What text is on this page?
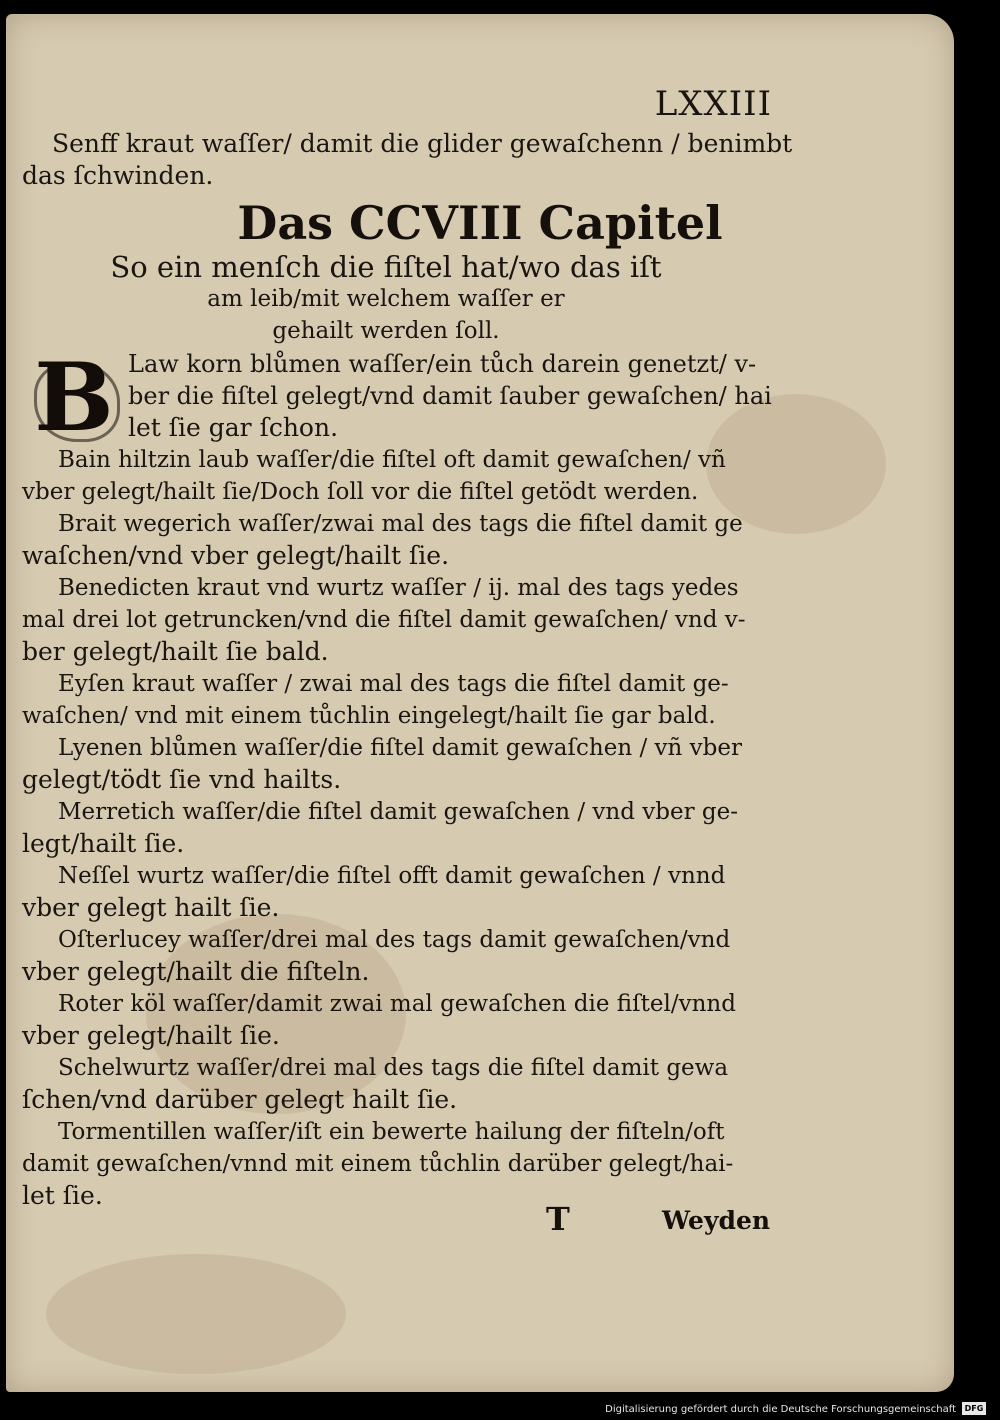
LXXIII

Senff kraut waſſer/ damit die glider gewaſchenn / benimbt

das ſchwinden.

Das CCVIII Capitel
So ein menſch die fiſtel hat/wo das iſt
am leib/mit welchem waſſer er
gehailt werden ſoll.
B Law korn blůmen waſſer/ein tůch darein genetzt/ v-

ber die fiſtel gelegt/vnd damit ſauber gewaſchen/ hai

let ſie gar ſchon.

Bain hiltzin laub waſſer/die fiſtel oft damit gewaſchen/ vñ

vber gelegt/hailt ſie/Doch ſoll vor die fiſtel getödt werden.

Brait wegerich waſſer/zwai mal des tags die fiſtel damit ge

waſchen/vnd vber gelegt/hailt ſie.

Benedicten kraut vnd wurtz waſſer / ij. mal des tags yedes

mal drei lot getruncken/vnd die fiſtel damit gewaſchen/ vnd v-

ber gelegt/hailt ſie bald.

Eyſen kraut waſſer / zwai mal des tags die fiſtel damit ge-

waſchen/ vnd mit einem tůchlin eingelegt/hailt ſie gar bald.

Lyenen blůmen waſſer/die fiſtel damit gewaſchen / vñ vber

gelegt/tödt ſie vnd hailts.

Merretich waſſer/die fiſtel damit gewaſchen / vnd vber ge-

legt/hailt ſie.

Neſſel wurtz waſſer/die fiſtel offt damit gewaſchen / vnnd

vber gelegt hailt ſie.

Oſterlucey waſſer/drei mal des tags damit gewaſchen/vnd

vber gelegt/hailt die fiſteln.

Roter köl waſſer/damit zwai mal gewaſchen die fiſtel/vnnd

vber gelegt/hailt ſie.

Schelwurtz waſſer/drei mal des tags die fiſtel damit gewa

ſchen/vnd darüber gelegt hailt ſie.

Tormentillen waſſer/iſt ein bewerte hailung der fiſteln/oft

damit gewaſchen/vnnd mit einem tůchlin darüber gelegt/hai-

let ſie.

T	Weyden
Digitalisierung gefördert durch die Deutsche Forschungsgemeinschaft	DFG
